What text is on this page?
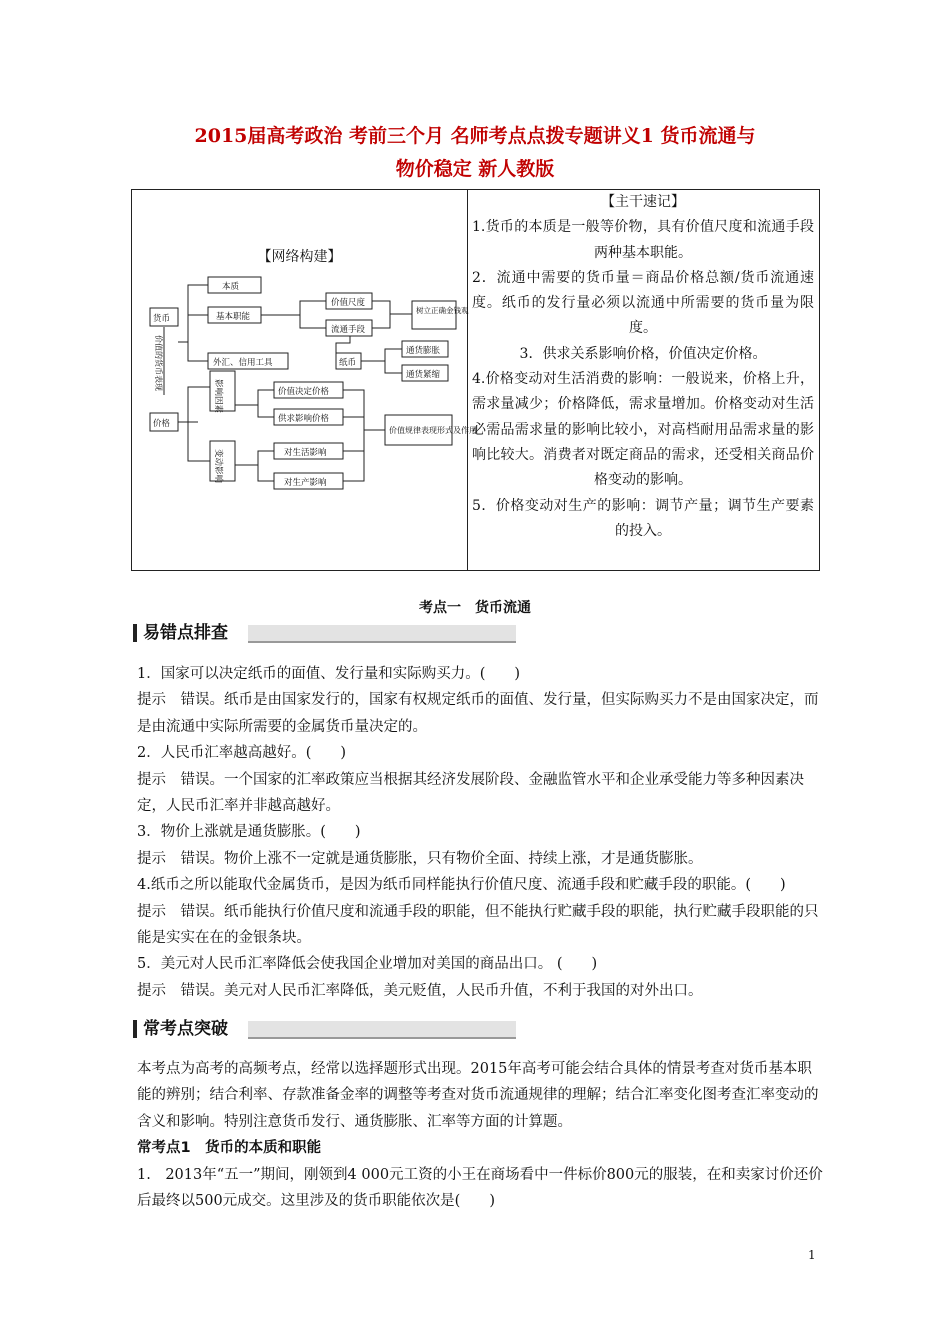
2015届高考政治 考前三个月 名师考点点拨专题讲义1 货币流通与
物价稳定 新人教版
【网络构建】
货币
价格
价值的货币表现
本质
基本职能
外汇、信用工具
价值尺度
流通手段
树立正确金钱观
纸币
通货膨胀
通货紧缩
影响因素	价值决定价格
供求影响价格
价值规律表现形式及作用
变动影响	对生活影响
对生产影响

【主干速记】

1.货币的本质是一般等价物，具有价值尺度和流通手段两种基本职能。

2．流通中需要的货币量＝商品价格总额/货币流通速度。纸币的发行量必须以流通中所需要的货币量为限度。

3．供求关系影响价格，价值决定价格。

4.价格变动对生活消费的影响：一般说来，价格上升，需求量减少；价格降低，需求量增加。价格变动对生活必需品需求量的影响比较小，对高档耐用品需求量的影响比较大。消费者对既定商品的需求，还受相关商品价格变动的影响。

5．价格变动对生产的影响：调节产量；调节生产要素的投入。

考点一　货币流通
易错点排查

1．国家可以决定纸币的面值、发行量和实际购买力。(　　)

提示　错误。纸币是由国家发行的，国家有权规定纸币的面值、发行量，但实际购买力不是由国家决定，而是由流通中实际所需要的金属货币量决定的。

2．人民币汇率越高越好。(　　)

提示　错误。一个国家的汇率政策应当根据其经济发展阶段、金融监管水平和企业承受能力等多种因素决定，人民币汇率并非越高越好。

3．物价上涨就是通货膨胀。(　　)

提示　错误。物价上涨不一定就是通货膨胀，只有物价全面、持续上涨，才是通货膨胀。

4.纸币之所以能取代金属货币，是因为纸币同样能执行价值尺度、流通手段和贮藏手段的职能。(　　)

提示　错误。纸币能执行价值尺度和流通手段的职能，但不能执行贮藏手段的职能，执行贮藏手段职能的只能是实实在在的金银条块。

5．美元对人民币汇率降低会使我国企业增加对美国的商品出口。 (　　)

提示　错误。美元对人民币汇率降低，美元贬值，人民币升值，不利于我国的对外出口。

常考点突破

本考点为高考的高频考点，经常以选择题形式出现。2015年高考可能会结合具体的情景考查对货币基本职能的辨别；结合利率、存款准备金率的调整等考查对货币流通规律的理解；结合汇率变化图考查汇率变动的含义和影响。特别注意货币发行、通货膨胀、汇率等方面的计算题。

常考点1　货币的本质和职能

1.　2013年“五一”期间，刚领到4 000元工资的小王在商场看中一件标价800元的服装，在和卖家讨价还价后最终以500元成交。这里涉及的货币职能依次是(　　)

1
